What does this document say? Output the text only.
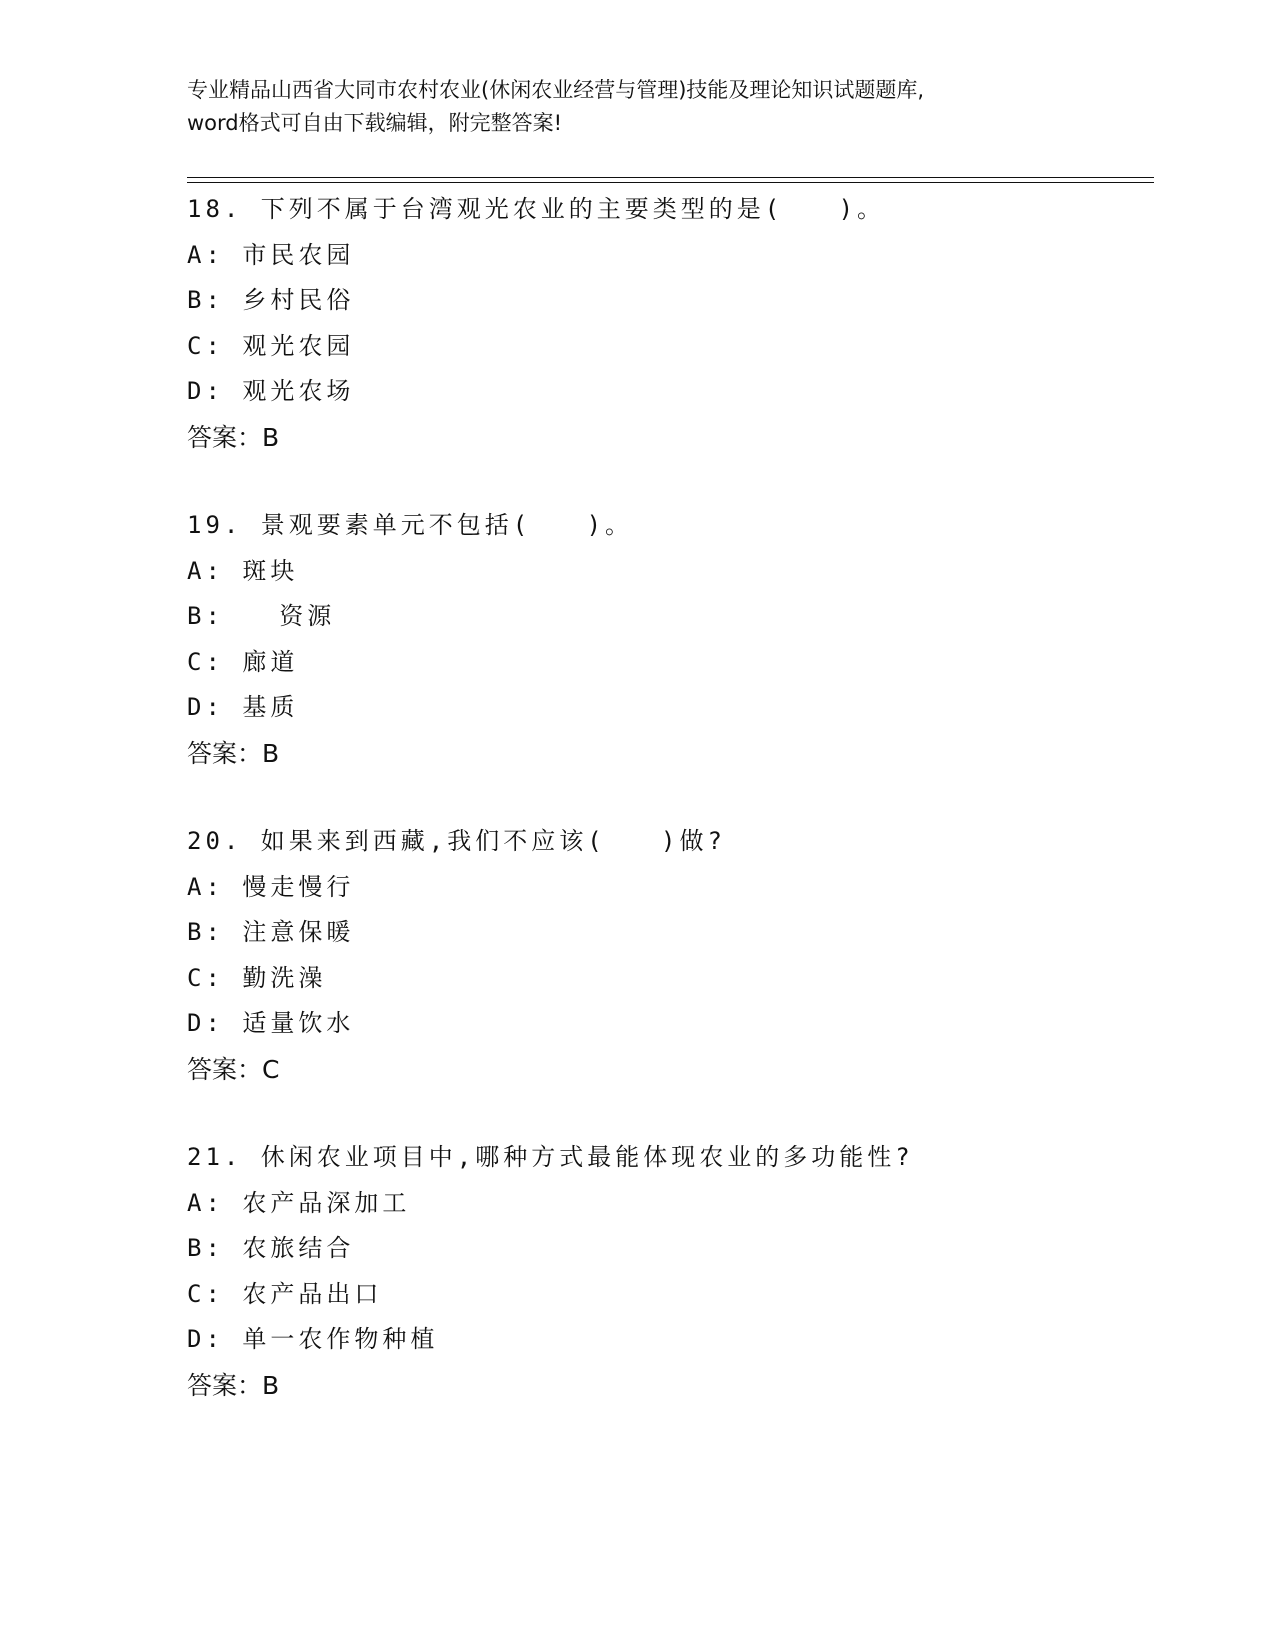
专业精品山西省大同市农村农业(休闲农业经营与管理)技能及理论知识试题题库,
word格式可自由下载编辑，附完整答案!
18. 下列不属于台湾观光农业的主要类型的是(   )。
A: 市民农园
B: 乡村民俗
C: 观光农园
D: 观光农场
答案：B
19. 景观要素单元不包括(   )。
A: 斑块
B:   资源
C: 廊道
D: 基质
答案：B
20. 如果来到西藏,我们不应该(   )做?
A: 慢走慢行
B: 注意保暖
C: 勤洗澡
D: 适量饮水
答案：C
21. 休闲农业项目中,哪种方式最能体现农业的多功能性?
A: 农产品深加工
B: 农旅结合
C: 农产品出口
D: 单一农作物种植
答案：B
